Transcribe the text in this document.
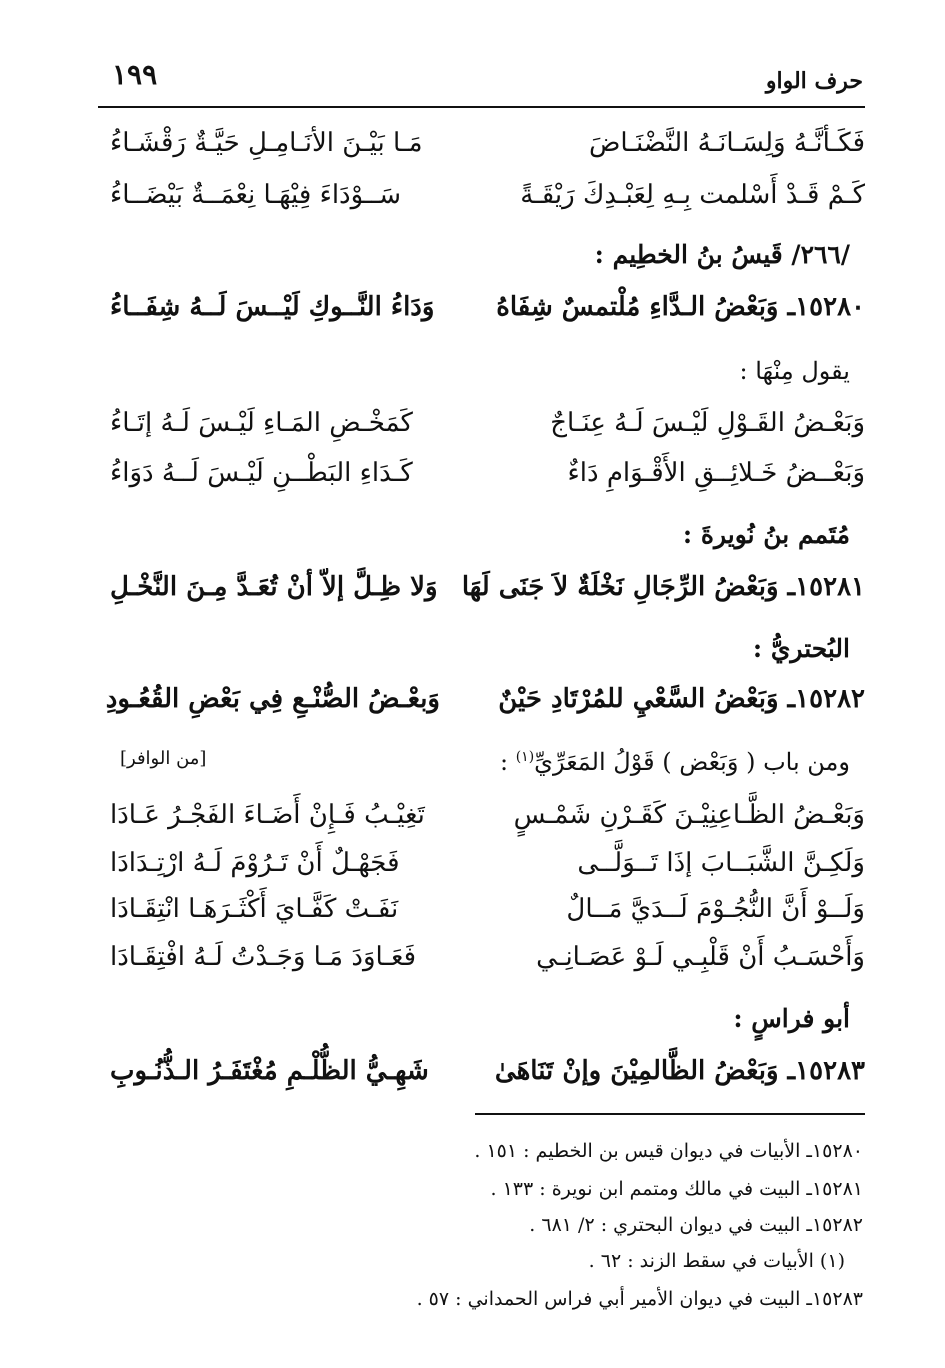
حرف الواو
١٩٩
فَكَـأنَّـهُ وَلِسَـانَـهُ النَّضْنَـاضَ
مَـا بَيْـنَ الأنَـامِـلِ حَيَّـةٌ رَقْشَـاءُ
كَـمْ قَـدْ أَسْلمت بِـهِ لِعَبْـدِكَ رَيْقَـةً
سَــوْدَاءَ فِيْهَـا نِعْمَــةٌ بَيْضَــاءُ
/٢٦٦/ قَيسُ بنُ الخطِيم :
١٥٢٨٠ـ وَبَعْضُ الـدَّاءِ مُلْتمسٌ شِفَاهُ
وَدَاءُ النَّــوكِ لَيْــسَ لَــهُ شِفَــاءُ
يقول مِنْهَا :
وَبَعْـضُ القَـوْلِ لَيْـسَ لَـهُ عِنَـاجٌ
كَمَخْـضِ المَـاءِ لَيْـسَ لَـهُ إتَـاءُ
وَبَعْــضُ خَـلائِــقِ الأَقْـوَامِ دَاءٌ
كَـدَاءِ البَطْــنِ لَيْـسَ لَــهُ دَوَاءُ
مُتَمم بنُ نُويرةَ :
١٥٢٨١ـ وَبَعْضُ الرِّجَالِ نَخْلَةٌ لاَ جَنَى لَهَا
وَلا ظِـلَّ إلاّ أنْ تُعَـدَّ مِـنَ النَّخْـلِ
البُحتريُّ :
١٥٢٨٢ـ وَبَعْضُ السَّعْيِ للمُرْتَادِ حَيْنٌ
وَبعْـضُ الصُّنْـعِ فِي بَعْضِ القُعُـودِ
ومن باب ( وَبَعْض ) قَوْلُ المَعَرِّيِّ$^{(١)}$ :
[من الوافر]
وَبَعْـضُ الظَّـاعِنِيْـنَ كَقَـرْنِ شَمْـسٍ
تَغِيْـبُ فَـإِنْ أَضَـاءَ الفَجْـرُ عَـادَا
وَلَكِـنَّ الشَّبَــابَ إذَا تَــوَلَّــى
فَجَهْـلٌ أَنْ تَـرُوْمَ لَـهُ ارْتِـدَادَا
وَلَــوْ أَنَّ النُّجُـوْمَ لَــدَيَّ مَــالٌ
نَفَـتْ كَفَّـايَ أَكْثَـرَهَـا انْتِقَـادَا
وَأَحْسَـبُ أَنْ قَلْبِـي لَـوْ عَصَـانِـي
فَعَـاوَدَ مَـا وَجَـدْتُ لَـهُ افْتِقَـادَا
أبو فراسٍ :
١٥٢٨٣ـ وَبَعْضُ الظَّالمِيْنَ وإنْ تَنَاهَىٰ
شَهِـيُّ الظُّلْـمِ مُغْتَفَـرُ الـذُّنُـوبِ
١٥٢٨٠ـ الأبيات في ديوان قيس بن الخطيم : ١٥١ .
١٥٢٨١ـ البيت في مالك ومتمم ابن نويرة : ١٣٣ .
١٥٢٨٢ـ البيت في ديوان البحتري : ٢/ ٦٨١ .
(١) الأبيات في سقط الزند : ٦٢ .
١٥٢٨٣ـ البيت في ديوان الأمير أبي فراس الحمداني : ٥٧ .
